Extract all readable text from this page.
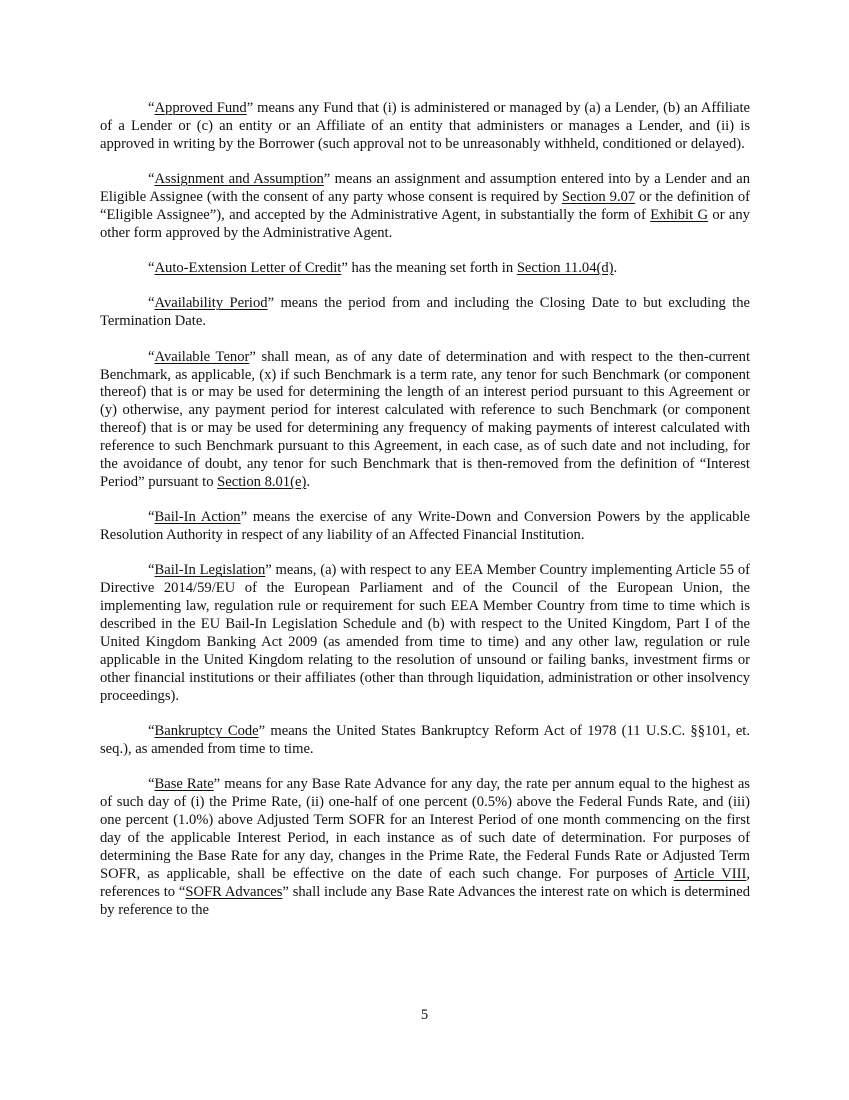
“Approved Fund” means any Fund that (i) is administered or managed by (a) a Lender, (b) an Affiliate of a Lender or (c) an entity or an Affiliate of an entity that administers or manages a Lender, and (ii) is approved in writing by the Borrower (such approval not to be unreasonably withheld, conditioned or delayed).

“Assignment and Assumption” means an assignment and assumption entered into by a Lender and an Eligible Assignee (with the consent of any party whose consent is required by Section 9.07 or the definition of “Eligible Assignee”), and accepted by the Administrative Agent, in substantially the form of Exhibit G or any other form approved by the Administrative Agent.

“Auto-Extension Letter of Credit” has the meaning set forth in Section 11.04(d).

“Availability Period” means the period from and including the Closing Date to but excluding the Termination Date.

“Available Tenor” shall mean, as of any date of determination and with respect to the then-current Benchmark, as applicable, (x) if such Benchmark is a term rate, any tenor for such Benchmark (or component thereof) that is or may be used for determining the length of an interest period pursuant to this Agreement or (y) otherwise, any payment period for interest calculated with reference to such Benchmark (or component thereof) that is or may be used for determining any frequency of making payments of interest calculated with reference to such Benchmark pursuant to this Agreement, in each case, as of such date and not including, for the avoidance of doubt, any tenor for such Benchmark that is then-removed from the definition of “Interest Period” pursuant to Section 8.01(e).

“Bail-In Action” means the exercise of any Write-Down and Conversion Powers by the applicable Resolution Authority in respect of any liability of an Affected Financial Institution.

“Bail-In Legislation” means, (a) with respect to any EEA Member Country implementing Article 55 of Directive 2014/59/EU of the European Parliament and of the Council of the European Union, the implementing law, regulation rule or requirement for such EEA Member Country from time to time which is described in the EU Bail-In Legislation Schedule and (b) with respect to the United Kingdom, Part I of the United Kingdom Banking Act 2009 (as amended from time to time) and any other law, regulation or rule applicable in the United Kingdom relating to the resolution of unsound or failing banks, investment firms or other financial institutions or their affiliates (other than through liquidation, administration or other insolvency proceedings).

“Bankruptcy Code” means the United States Bankruptcy Reform Act of 1978 (11 U.S.C. §§101, et. seq.), as amended from time to time.

“Base Rate” means for any Base Rate Advance for any day, the rate per annum equal to the highest as of such day of (i) the Prime Rate, (ii) one-half of one percent (0.5%) above the Federal Funds Rate, and (iii) one percent (1.0%) above Adjusted Term SOFR for an Interest Period of one month commencing on the first day of the applicable Interest Period, in each instance as of such date of determination. For purposes of determining the Base Rate for any day, changes in the Prime Rate, the Federal Funds Rate or Adjusted Term SOFR, as applicable, shall be effective on the date of each such change. For purposes of Article VIII, references to “SOFR Advances” shall include any Base Rate Advances the interest rate on which is determined by reference to the

5
